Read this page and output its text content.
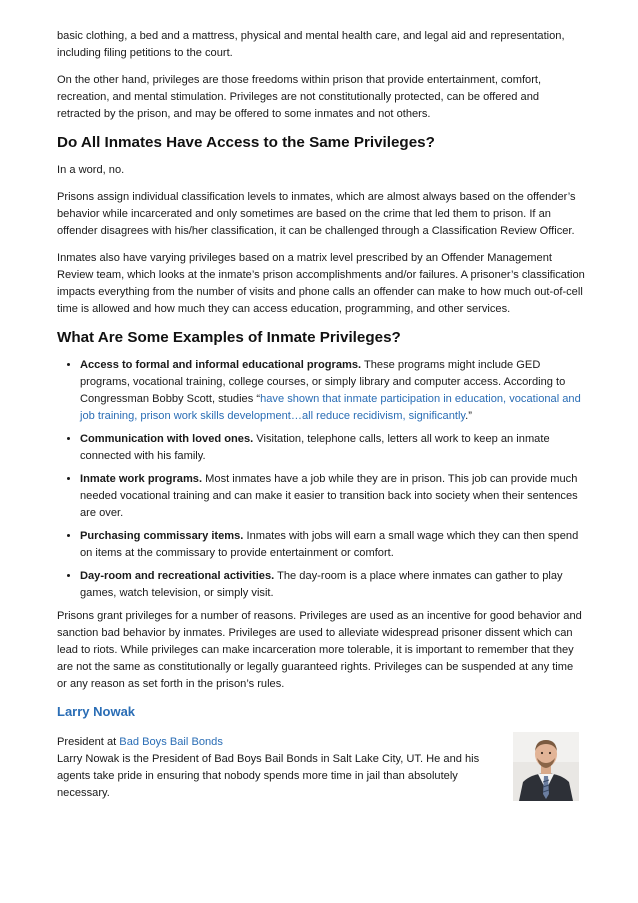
basic clothing, a bed and a mattress, physical and mental health care, and legal aid and representation, including filing petitions to the court.

On the other hand, privileges are those freedoms within prison that provide entertainment, comfort, recreation, and mental stimulation. Privileges are not constitutionally protected, can be offered and retracted by the prison, and may be offered to some inmates and not others.

Do All Inmates Have Access to the Same Privileges?

In a word, no.

Prisons assign individual classification levels to inmates, which are almost always based on the offender’s behavior while incarcerated and only sometimes are based on the crime that led them to prison. If an offender disagrees with his/her classification, it can be challenged through a Classification Review Officer.

Inmates also have varying privileges based on a matrix level prescribed by an Offender Management Review team, which looks at the inmate’s prison accomplishments and/or failures. A prisoner’s classification impacts everything from the number of visits and phone calls an offender can make to how much out-of-cell time is allowed and how much they can access education, programming, and other services.

What Are Some Examples of Inmate Privileges?
• Access to formal and informal educational programs. These programs might include GED programs, vocational training, college courses, or simply library and computer access. According to Congressman Bobby Scott, studies “have shown that inmate participation in education, vocational and job training, prison work skills development…all reduce recidivism, significantly.”
• Communication with loved ones. Visitation, telephone calls, letters all work to keep an inmate connected with his family.
• Inmate work programs. Most inmates have a job while they are in prison. This job can provide much needed vocational training and can make it easier to transition back into society when their sentences are over.
• Purchasing commissary items. Inmates with jobs will earn a small wage which they can then spend on items at the commissary to provide entertainment or comfort.
• Day-room and recreational activities. The day-room is a place where inmates can gather to play games, watch television, or simply visit.

Prisons grant privileges for a number of reasons. Privileges are used as an incentive for good behavior and sanction bad behavior by inmates. Privileges are used to alleviate widespread prisoner dissent which can lead to riots. While privileges can make incarceration more tolerable, it is important to remember that they are not the same as constitutionally or legally guaranteed rights. Privileges can be suspended at any time or any reason as set forth in the prison’s rules.

Larry Nowak

President at Bad Boys Bail Bonds

Larry Nowak is the President of Bad Boys Bail Bonds in Salt Lake City, UT. He and his agents take pride in ensuring that nobody spends more time in jail than absolutely necessary.
